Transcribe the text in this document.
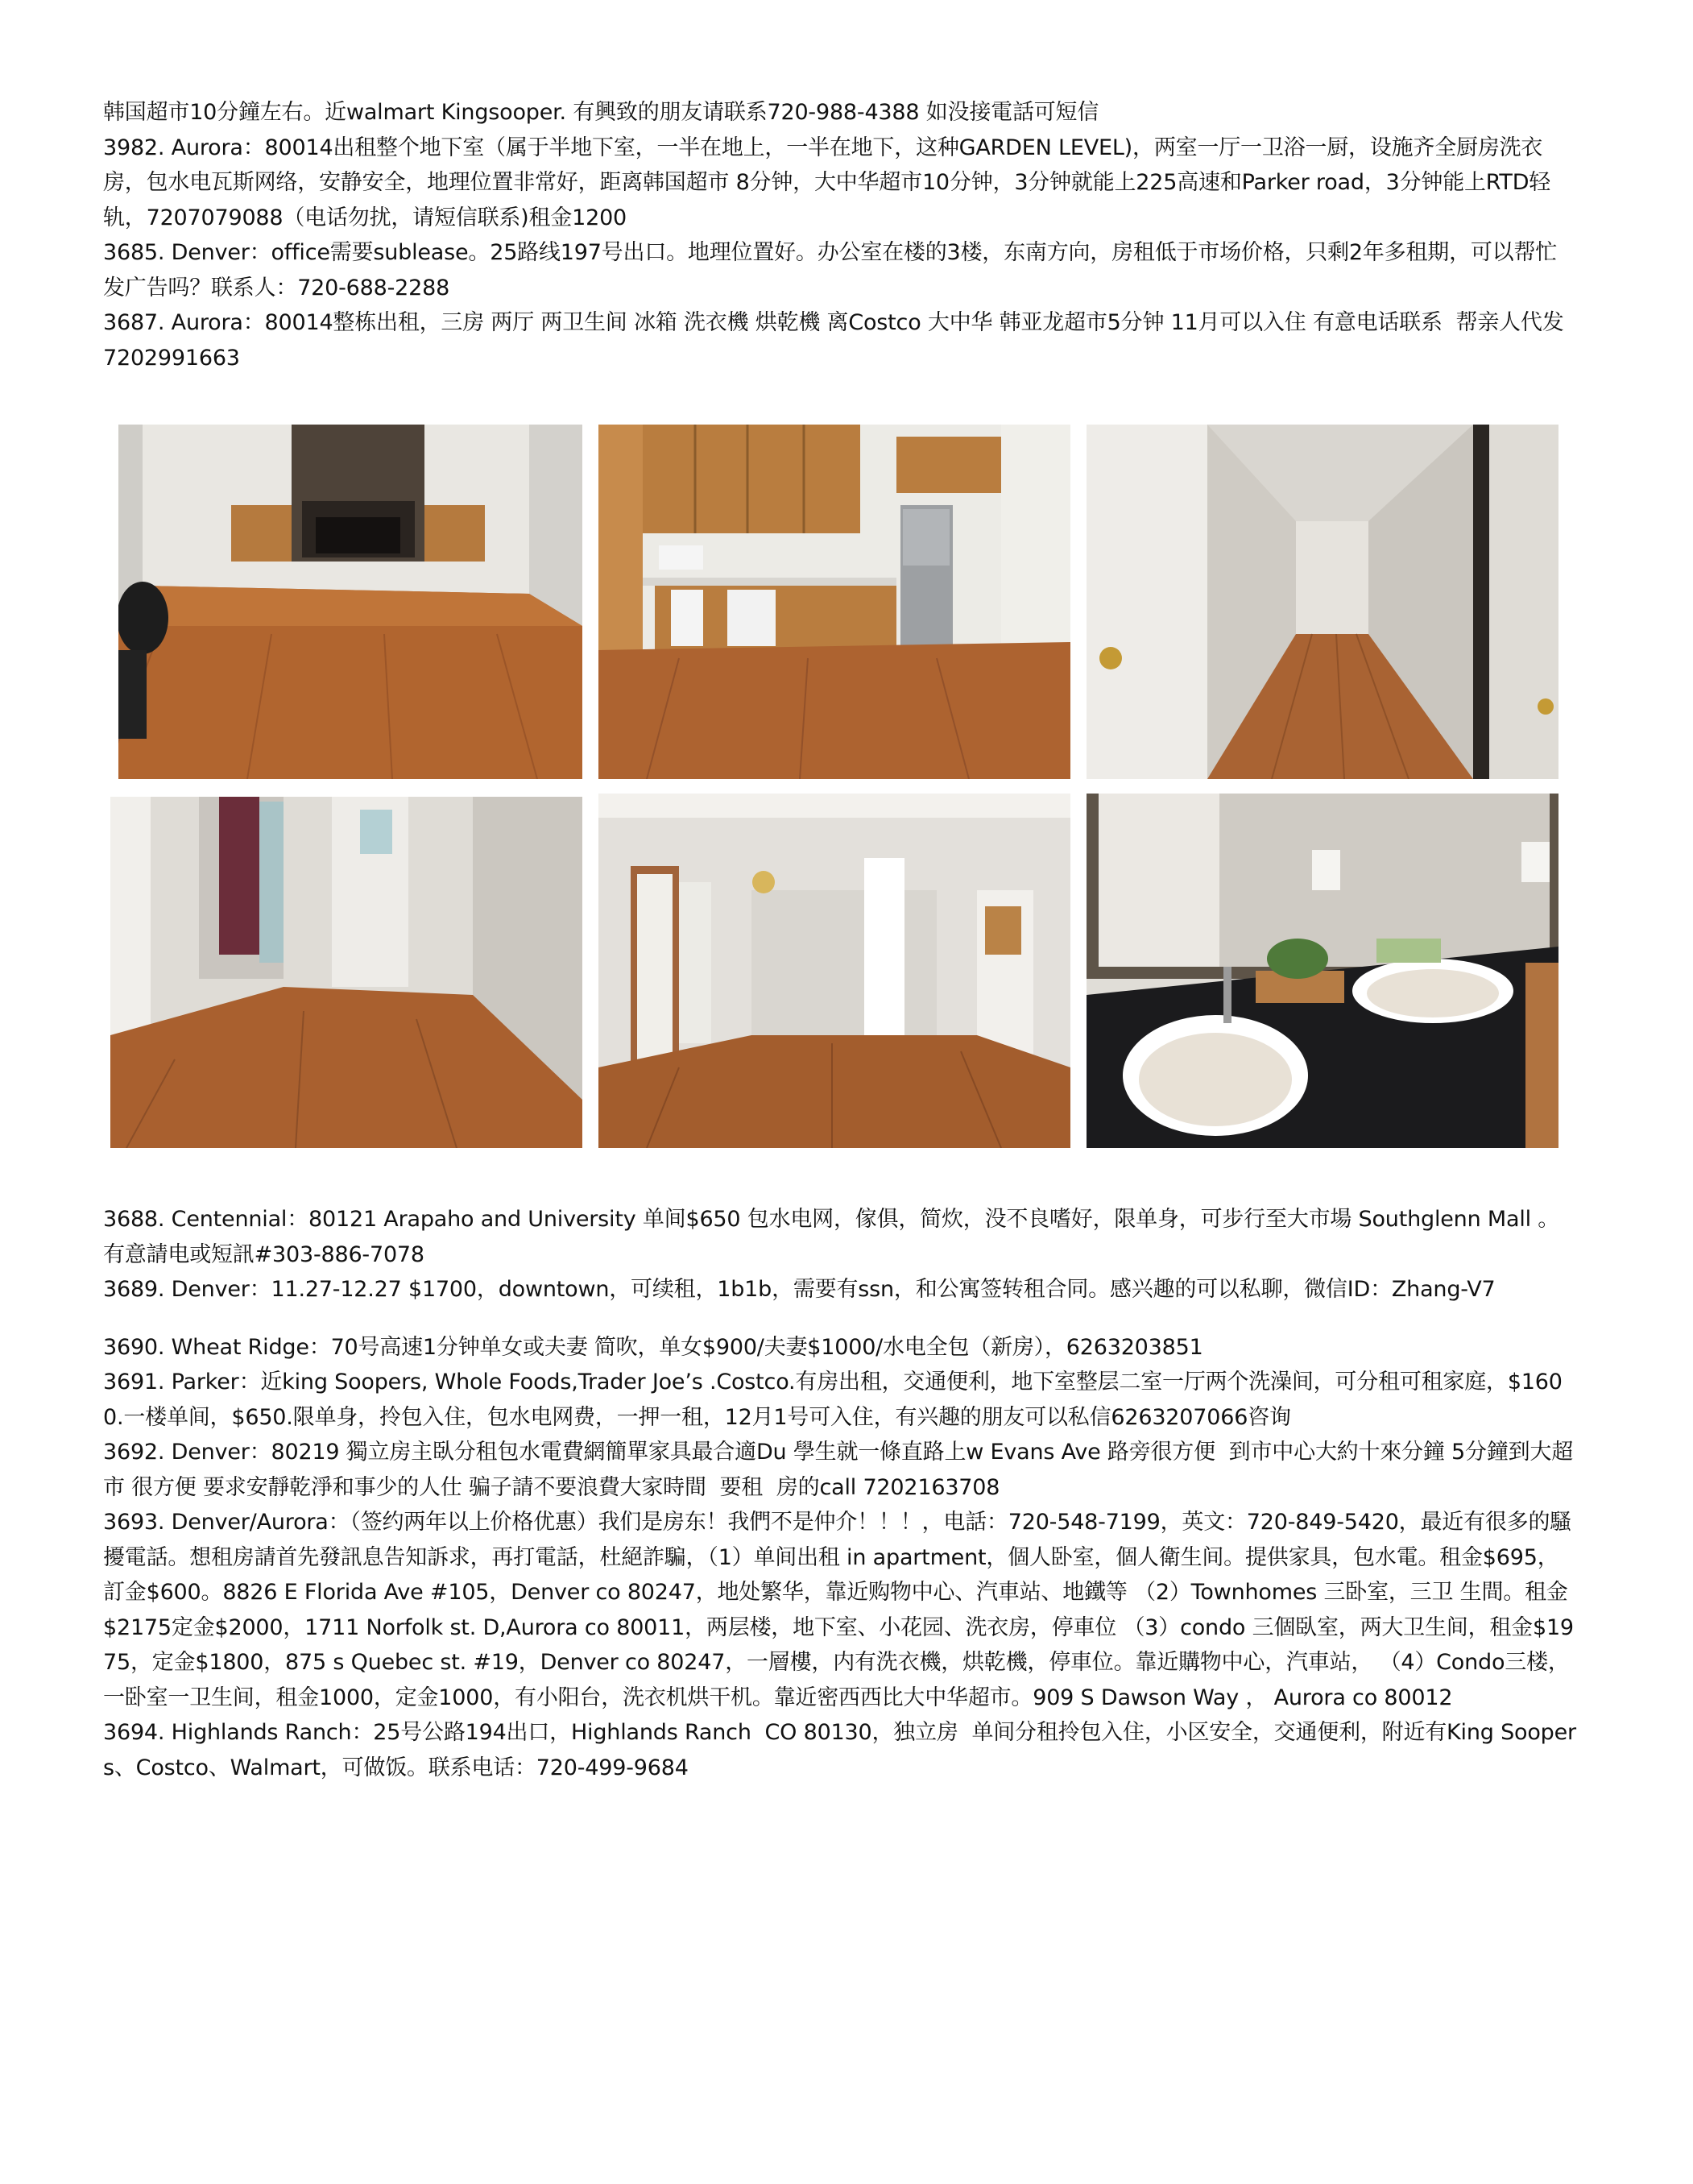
韩国超市10分鐘左右。近walmart Kingsooper. 有興致的朋友请联系720-988-4388 如没接電話可短信

3982. Aurora：80014出租整个地下室（属于半地下室，一半在地上，一半在地下，这种GARDEN LEVEL)，两室一厅一卫浴一厨，设施齐全厨房洗衣房，包水电瓦斯网络，安静安全，地理位置非常好，距离韩国超市 8分钟，大中华超市10分钟，3分钟就能上225高速和Parker road，3分钟能上RTD轻轨，7207079088（电话勿扰，请短信联系)租金1200

3685. Denver：office需要sublease。25路线197号出口。地理位置好。办公室在楼的3楼，东南方向，房租低于市场价格，只剩2年多租期，可以帮忙发广告吗？联系人：720-688-2288

3687. Aurora：80014整栋出租，三房 两厅 两卫生间 冰箱 洗衣機 烘乾機 离Costco 大中华 韩亚龙超市5分钟 11月可以入住 有意电话联系  帮亲人代发7202991663

3688. Centennial：80121 Arapaho and University 单间$650 包水电网，傢俱，简炊，没不良嗜好，限单身，可步行至大市場 Southglenn Mall 。有意請电或短訊#303-886-7078

3689. Denver：11.27-12.27 $1700，downtown，可续租，1b1b，需要有ssn，和公寓签转租合同。感兴趣的可以私聊，微信ID：Zhang-V7

3690. Wheat Ridge：70号高速1分钟单女或夫妻 简吹，单女$900/夫妻$1000/水电全包（新房），6263203851

3691. Parker：近king Soopers, Whole Foods,Trader Joe’s .Costco.有房出租，交通便利，地下室整层二室一厅两个洗澡间，可分租可租家庭，$1600.一楼单间，$650.限单身，拎包入住，包水电网费，一押一租，12月1号可入住，有兴趣的朋友可以私信6263207066咨询

3692. Denver：80219 獨立房主臥分租包水電費網簡單家具最合適Du 學生就一條直路上w Evans Ave 路旁很方便  到市中心大約十來分鐘 5分鐘到大超市 很方便 要求安靜乾淨和事少的人仕 骗子請不要浪費大家時間  要租  房的call 7202163708

3693. Denver/Aurora：（签约两年以上价格优惠）我们是房东！我們不是仲介！！！，电話：720-548-7199，英文：720-849-5420，最近有很多的騷擾電話。想租房請首先發訊息告知訴求，再打電話，杜絕詐騙，（1）单间出租 in apartment，個人卧室，個人衛生间。提供家具，包水電。租金$695，訂金$600。8826 E Florida Ave #105，Denver co 80247，地处繁华，靠近购物中心、汽車站、地鐵等 （2）Townhomes 三卧室，三卫 生間。租金$2175定金$2000，1711 Norfolk st. D,Aurora co 80011，两层楼，地下室、小花园、洗衣房，停車位 （3）condo 三個臥室，两大卫生间，租金$1975，定金$1800，875 s Quebec st. #19，Denver co 80247，一層樓，内有洗衣機，烘乾機，停車位。靠近購物中心，汽車站， （4）Condo三楼，一卧室一卫生间，租金1000，定金1000，有小阳台，洗衣机烘干机。靠近密西西比大中华超市。909 S Dawson Way ， Aurora co 80012

3694. Highlands Ranch：25号公路194出口，Highlands Ranch  CO 80130，独立房  单间分租拎包入住，小区安全，交通便利，附近有King Soopers、Costco、Walmart，可做饭。联系电话：720-499-9684
